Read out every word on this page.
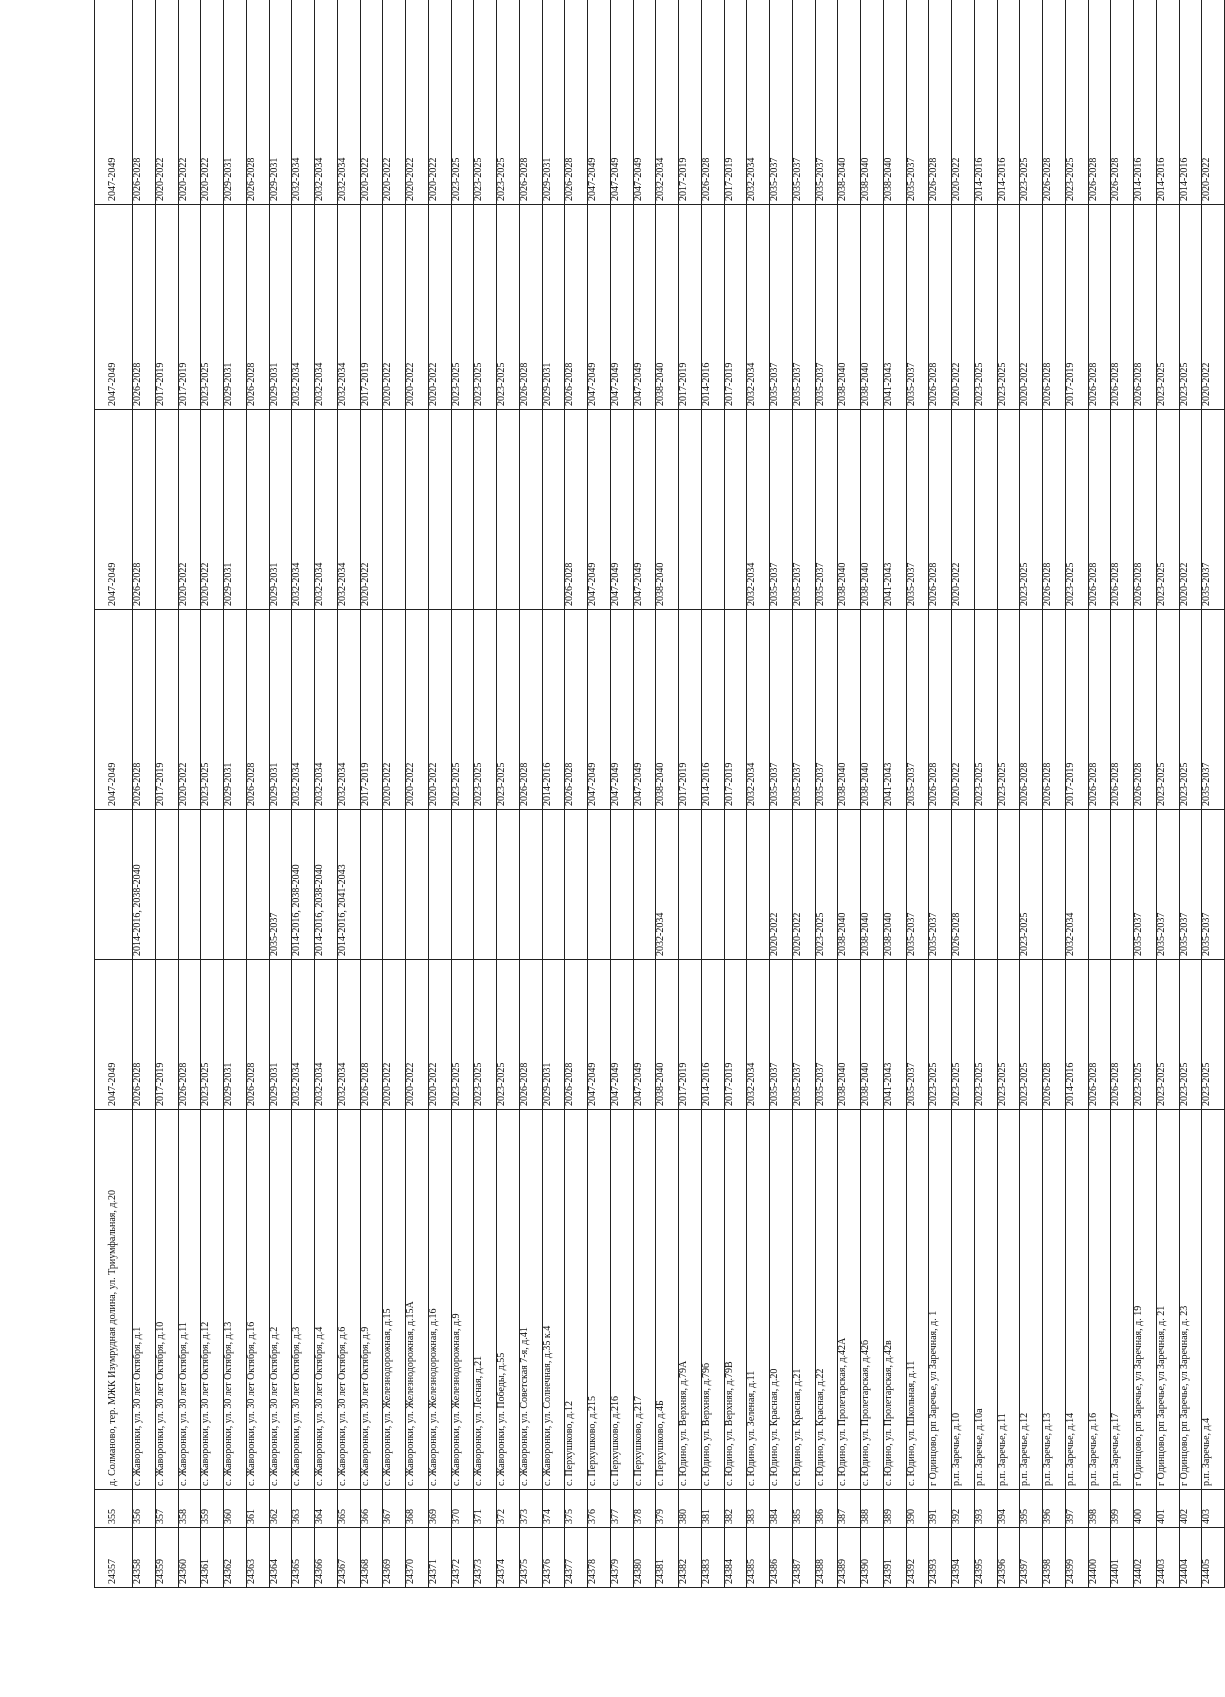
24357	355	д. Солманово, тер. МЖК Изумрудная долина, ул. Триумфальная, д.20	2047-2049		2047-2049	2047-2049	2047-2049	2047-2049
24358	356	с. Жаворонки, ул. 30 лет Октября, д.1	2026-2028	2014-2016, 2038-2040	2026-2028	2026-2028	2026-2028	2026-2028
24359	357	с. Жаворонки, ул. 30 лет Октября, д.10	2017-2019		2017-2019		2017-2019	2020-2022
24360	358	с. Жаворонки, ул. 30 лет Октября, д.11	2026-2028		2020-2022	2020-2022	2017-2019	2020-2022
24361	359	с. Жаворонки, ул. 30 лет Октября, д.12	2023-2025		2023-2025	2020-2022	2023-2025	2020-2022
24362	360	с. Жаворонки, ул. 30 лет Октября, д.13	2029-2031		2029-2031	2029-2031	2029-2031	2029-2031
24363	361	с. Жаворонки, ул. 30 лет Октября, д.16	2026-2028		2026-2028		2026-2028	2026-2028
24364	362	с. Жаворонки, ул. 30 лет Октября, д.2	2029-2031	2035-2037	2029-2031	2029-2031	2029-2031	2029-2031
24365	363	с. Жаворонки, ул. 30 лет Октября, д.3	2032-2034	2014-2016, 2038-2040	2032-2034	2032-2034	2032-2034	2032-2034
24366	364	с. Жаворонки, ул. 30 лет Октября, д.4	2032-2034	2014-2016, 2038-2040	2032-2034	2032-2034	2032-2034	2032-2034
24367	365	с. Жаворонки, ул. 30 лет Октября, д.6	2032-2034	2014-2016, 2041-2043	2032-2034	2032-2034	2032-2034	2032-2034
24368	366	с. Жаворонки, ул. 30 лет Октября, д.9	2026-2028		2017-2019	2020-2022	2017-2019	2020-2022
24369	367	с. Жаворонки, ул. Железнодорожная, д.15	2020-2022		2020-2022		2020-2022	2020-2022
24370	368	с. Жаворонки, ул. Железнодорожная, д.15А	2020-2022		2020-2022		2020-2022	2020-2022
24371	369	с. Жаворонки, ул. Железнодорожная, д.16	2020-2022		2020-2022		2020-2022	2020-2022
24372	370	с. Жаворонки, ул. Железнодорожная, д.9	2023-2025		2023-2025		2023-2025	2023-2025
24373	371	с. Жаворонки, ул. Лесная, д.21	2023-2025		2023-2025		2023-2025	2023-2025
24374	372	с. Жаворонки, ул. Победы, д.55	2023-2025		2023-2025		2023-2025	2023-2025
24375	373	с. Жаворонки, ул. Советская 7-я, д.41	2026-2028		2026-2028		2026-2028	2026-2028
24376	374	с. Жаворонки, ул. Солнечная, д.35 к.4	2029-2031		2014-2016		2029-2031	2029-2031
24377	375	с. Перхушково, д.12	2026-2028		2026-2028	2026-2028	2026-2028	2026-2028
24378	376	с. Перхушково, д.215	2047-2049		2047-2049	2047-2049	2047-2049	2047-2049
24379	377	с. Перхушково, д.216	2047-2049		2047-2049	2047-2049	2047-2049	2047-2049
24380	378	с. Перхушково, д.217	2047-2049		2047-2049	2047-2049	2047-2049	2047-2049
24381	379	с. Перхушково, д.4Б	2038-2040	2032-2034	2038-2040	2038-2040	2038-2040	2032-2034
24382	380	с. Юдино, ул. Верхняя, д.79А	2017-2019		2017-2019		2017-2019	2017-2019
24383	381	с. Юдино, ул. Верхняя, д.79б	2014-2016		2014-2016		2014-2016	2026-2028
24384	382	с. Юдино, ул. Верхняя, д.79В	2017-2019		2017-2019		2017-2019	2017-2019
24385	383	с. Юдино, ул. Зеленая, д.11	2032-2034		2032-2034	2032-2034	2032-2034	2032-2034
24386	384	с. Юдино, ул. Красная, д.20	2035-2037	2020-2022	2035-2037	2035-2037	2035-2037	2035-2037
24387	385	с. Юдино, ул. Красная, д.21	2035-2037	2020-2022	2035-2037	2035-2037	2035-2037	2035-2037
24388	386	с. Юдино, ул. Красная, д.22	2035-2037	2023-2025	2035-2037	2035-2037	2035-2037	2035-2037
24389	387	с. Юдино, ул. Пролетарская, д.42А	2038-2040	2038-2040	2038-2040	2038-2040	2038-2040	2038-2040
24390	388	с. Юдино, ул. Пролетарская, д.42б	2038-2040	2038-2040	2038-2040	2038-2040	2038-2040	2038-2040
24391	389	с. Юдино, ул. Пролетарская, д.42в	2041-2043	2038-2040	2041-2043	2041-2043	2041-2043	2038-2040
24392	390	с. Юдино, ул. Школьная, д.11	2035-2037	2035-2037	2035-2037	2035-2037	2035-2037	2035-2037
24393	391	г Одинцово, рп Заречье, ул Заречная, д. 1	2023-2025	2035-2037	2026-2028	2026-2028	2026-2028	2026-2028
24394	392	р.п. Заречье, д.10	2023-2025	2026-2028	2020-2022	2020-2022	2020-2022	2020-2022
24395	393	р.п. Заречье, д.10а	2023-2025		2023-2025		2023-2025	2014-2016
24396	394	р.п. Заречье, д.11	2023-2025		2023-2025		2023-2025	2014-2016
24397	395	р.п. Заречье, д.12	2023-2025	2023-2025	2026-2028	2023-2025	2020-2022	2023-2025
24398	396	р.п. Заречье, д.13	2026-2028		2026-2028	2026-2028	2026-2028	2026-2028
24399	397	р.п. Заречье, д.14	2014-2016	2032-2034	2017-2019	2023-2025	2017-2019	2023-2025
24400	398	р.п. Заречье, д.16	2026-2028		2026-2028	2026-2028	2026-2028	2026-2028
24401	399	р.п. Заречье, д.17	2026-2028		2026-2028	2026-2028	2026-2028	2026-2028
24402	400	г Одинцово, рп Заречье, ул Заречная, д. 19	2023-2025	2035-2037	2026-2028	2026-2028	2026-2028	2014-2016
24403	401	г Одинцово, рп Заречье, ул Заречная, д. 21	2023-2025	2035-2037	2023-2025	2023-2025	2023-2025	2014-2016
24404	402	г Одинцово, рп Заречье, ул Заречная, д. 23	2023-2025	2035-2037	2023-2025	2020-2022	2023-2025	2014-2016
24405	403	р.п. Заречье, д.4	2023-2025	2035-2037	2035-2037	2035-2037	2020-2022	2020-2022
